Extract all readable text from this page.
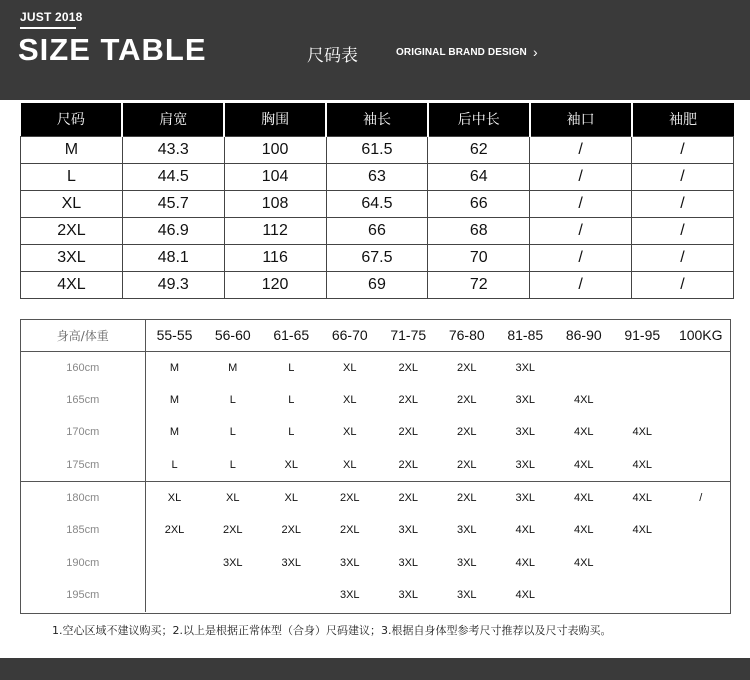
JUST 2018
SIZE TABLE	尺码表	ORIGINAL BRAND DESIGN ›
尺码	肩宽	胸围	袖长	后中长	袖口	袖肥
M	43.3	100	61.5	62	/	/
L	44.5	104	63	64	/	/
XL	45.7	108	64.5	66	/	/
2XL	46.9	112	66	68	/	/
3XL	48.1	116	67.5	70	/	/
4XL	49.3	120	69	72	/	/
身高/体重	55-55	56-60	61-65	66-70	71-75	76-80	81-85	86-90	91-95	100KG
160cm	M	M	L	XL	2XL	2XL	3XL			
165cm	M	L	L	XL	2XL	2XL	3XL	4XL		
170cm	M	L	L	XL	2XL	2XL	3XL	4XL	4XL	
175cm	L	L	XL	XL	2XL	2XL	3XL	4XL	4XL	
180cm	XL	XL	XL	2XL	2XL	2XL	3XL	4XL	4XL	/
185cm	2XL	2XL	2XL	2XL	3XL	3XL	4XL	4XL	4XL	
190cm		3XL	3XL	3XL	3XL	3XL	4XL	4XL		
195cm				3XL	3XL	3XL	4XL			
1.空心区域不建议购买；2.以上是根据正常体型（合身）尺码建议；3.根据自身体型参考尺寸推荐以及尺寸表购买。
